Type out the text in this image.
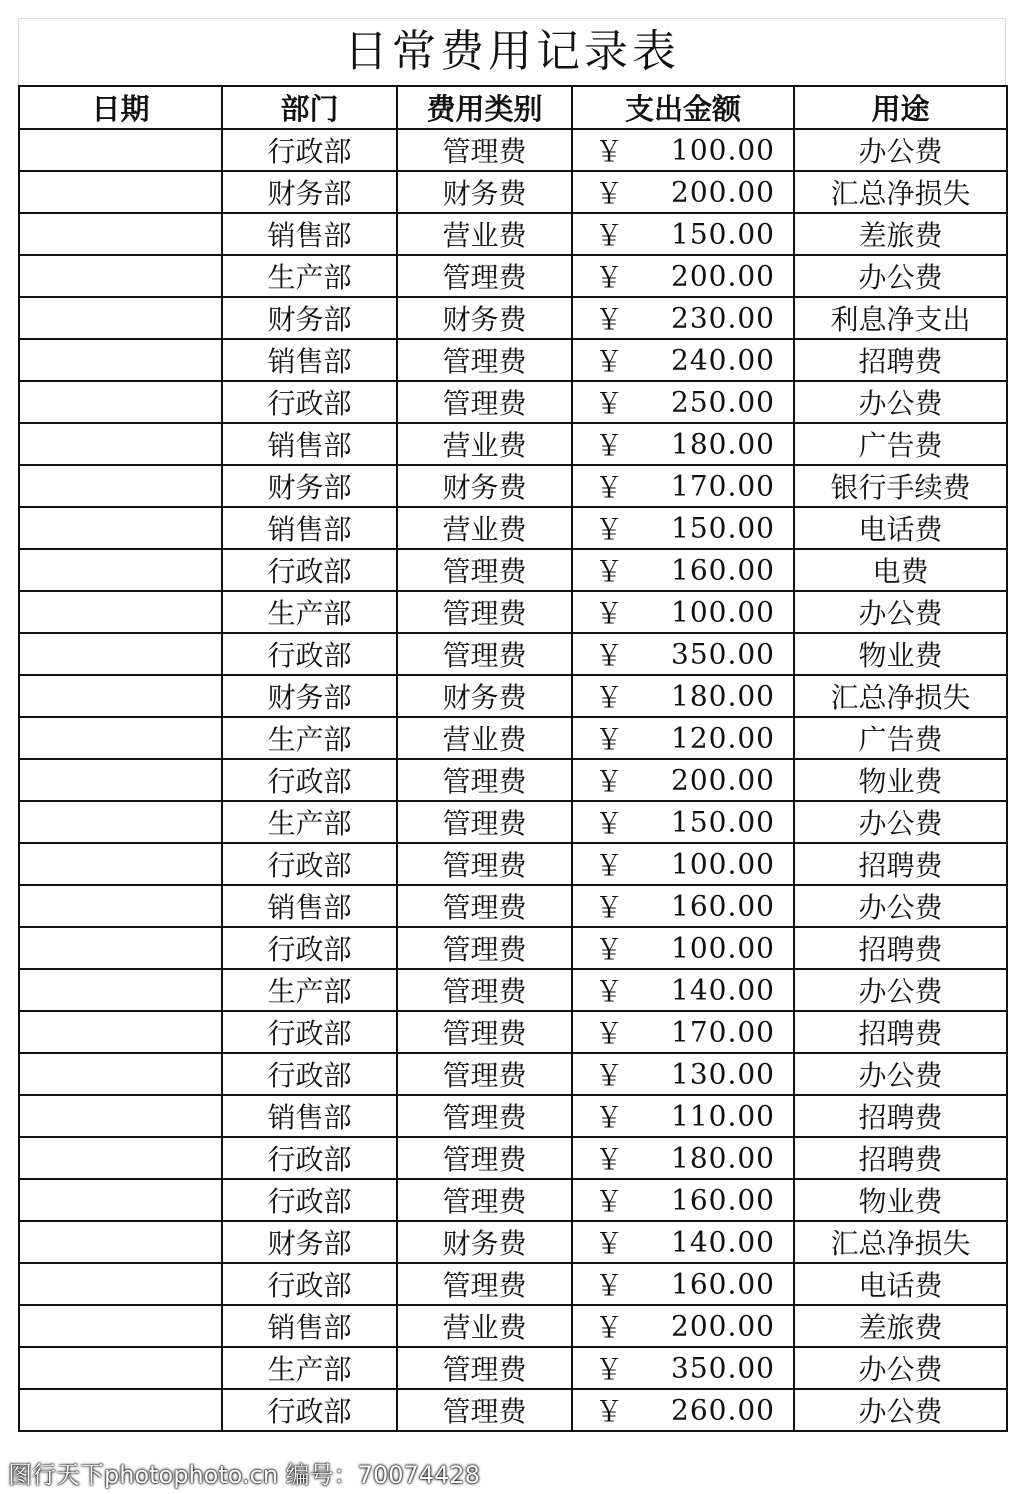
日常费用记录表
日期	部门	费用类别	支出金额	用途
	行政部	管理费	￥ 100.00	办公费
	财务部	财务费	￥ 200.00	汇总净损失
	销售部	营业费	￥ 150.00	差旅费
	生产部	管理费	￥ 200.00	办公费
	财务部	财务费	￥ 230.00	利息净支出
	销售部	管理费	￥ 240.00	招聘费
	行政部	管理费	￥ 250.00	办公费
	销售部	营业费	￥ 180.00	广告费
	财务部	财务费	￥ 170.00	银行手续费
	销售部	营业费	￥ 150.00	电话费
	行政部	管理费	￥ 160.00	电费
	生产部	管理费	￥ 100.00	办公费
	行政部	管理费	￥ 350.00	物业费
	财务部	财务费	￥ 180.00	汇总净损失
	生产部	营业费	￥ 120.00	广告费
	行政部	管理费	￥ 200.00	物业费
	生产部	管理费	￥ 150.00	办公费
	行政部	管理费	￥ 100.00	招聘费
	销售部	管理费	￥ 160.00	办公费
	行政部	管理费	￥ 100.00	招聘费
	生产部	管理费	￥ 140.00	办公费
	行政部	管理费	￥ 170.00	招聘费
	行政部	管理费	￥ 130.00	办公费
	销售部	管理费	￥ 110.00	招聘费
	行政部	管理费	￥ 180.00	招聘费
	行政部	管理费	￥ 160.00	物业费
	财务部	财务费	￥ 140.00	汇总净损失
	行政部	管理费	￥ 160.00	电话费
	销售部	营业费	￥ 200.00	差旅费
	生产部	管理费	￥ 350.00	办公费
	行政部	管理费	￥ 260.00	办公费
图行天下photophoto.cn 编号：70074428
